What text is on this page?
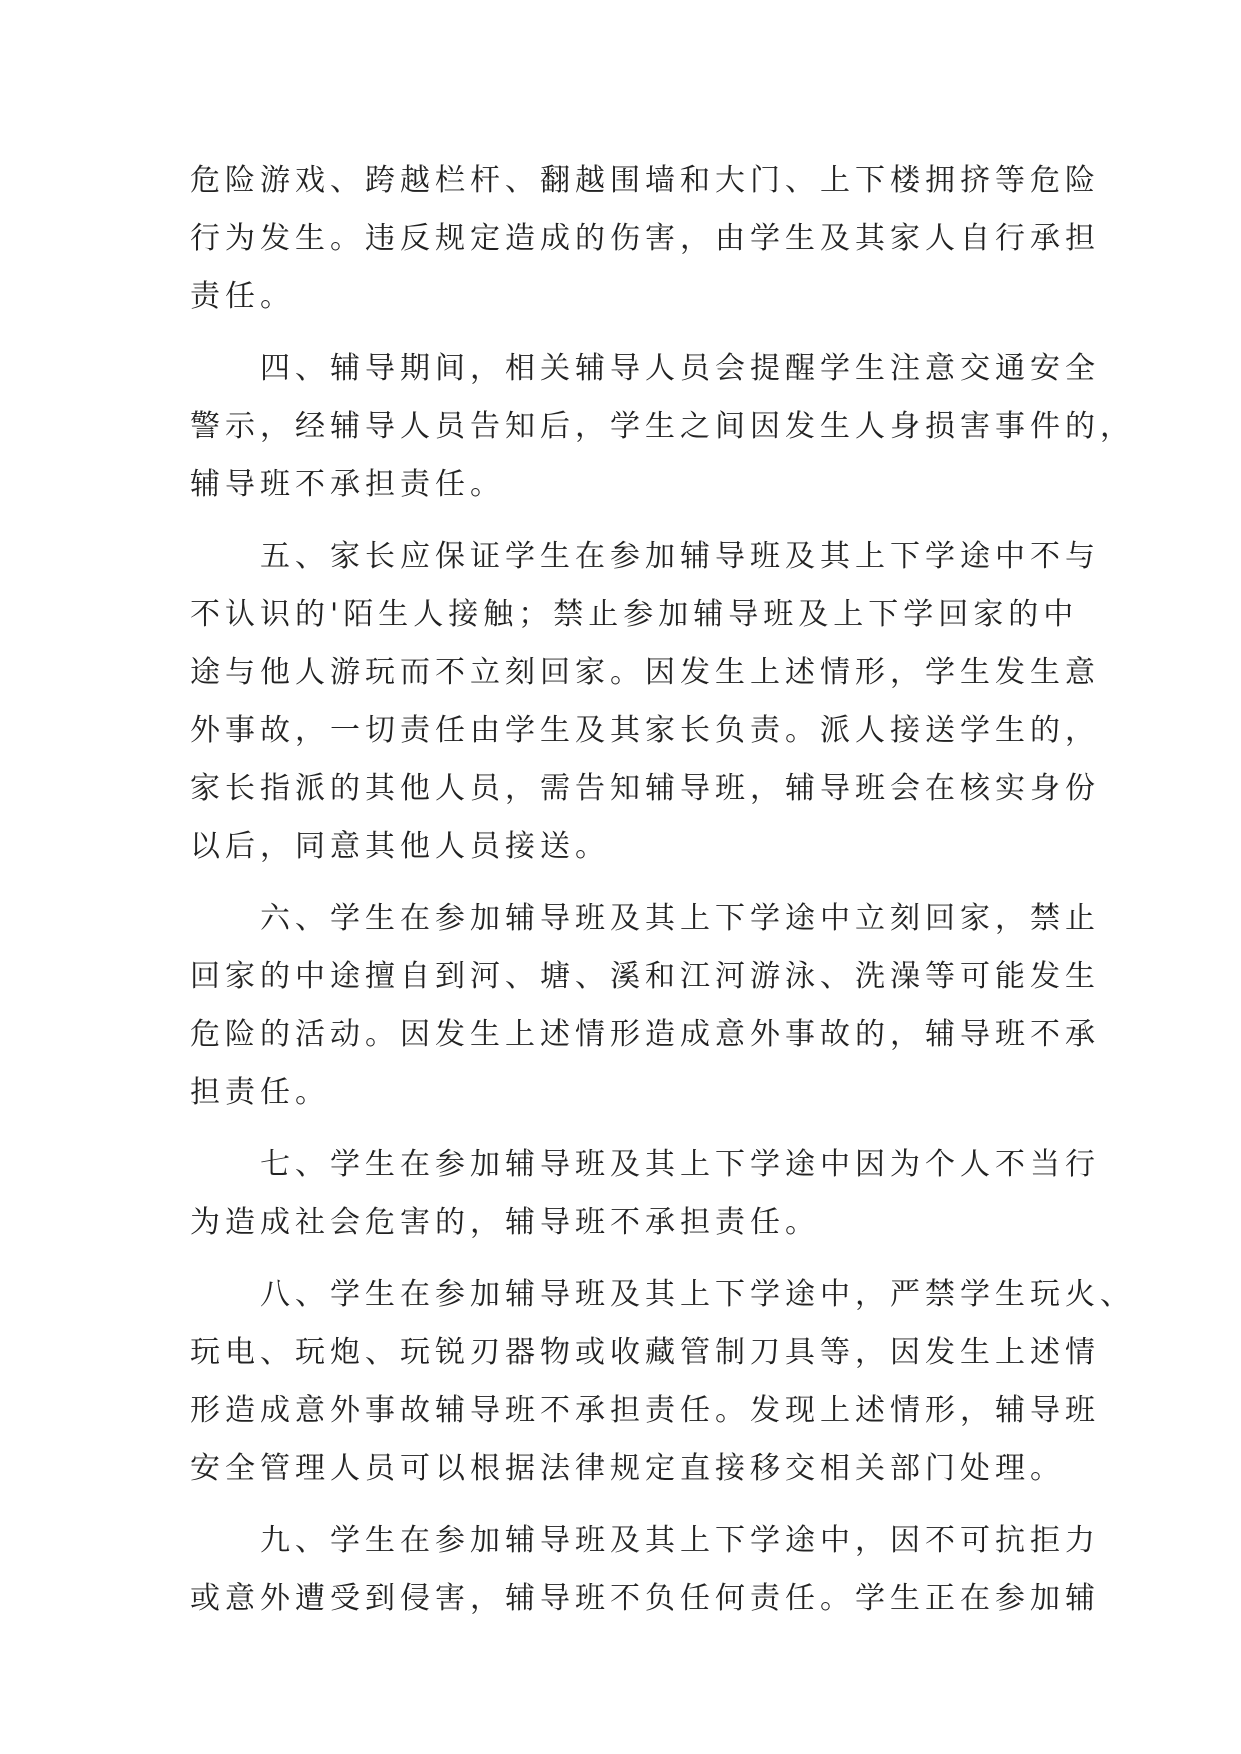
危险游戏、跨越栏杆、翻越围墙和大门、上下楼拥挤等危险

行为发生。违反规定造成的伤害，由学生及其家人自行承担

责任。

　　四、辅导期间，相关辅导人员会提醒学生注意交通安全

警示，经辅导人员告知后，学生之间因发生人身损害事件的，

辅导班不承担责任。

　　五、家长应保证学生在参加辅导班及其上下学途中不与

不认识的'陌生人接触；禁止参加辅导班及上下学回家的中

途与他人游玩而不立刻回家。因发生上述情形，学生发生意

外事故，一切责任由学生及其家长负责。派人接送学生的，

家长指派的其他人员，需告知辅导班，辅导班会在核实身份

以后，同意其他人员接送。

　　六、学生在参加辅导班及其上下学途中立刻回家，禁止

回家的中途擅自到河、塘、溪和江河游泳、洗澡等可能发生

危险的活动。因发生上述情形造成意外事故的，辅导班不承

担责任。

　　七、学生在参加辅导班及其上下学途中因为个人不当行

为造成社会危害的，辅导班不承担责任。

　　八、学生在参加辅导班及其上下学途中，严禁学生玩火、

玩电、玩炮、玩锐刃器物或收藏管制刀具等，因发生上述情

形造成意外事故辅导班不承担责任。发现上述情形，辅导班

安全管理人员可以根据法律规定直接移交相关部门处理。

　　九、学生在参加辅导班及其上下学途中，因不可抗拒力

或意外遭受到侵害，辅导班不负任何责任。学生正在参加辅
